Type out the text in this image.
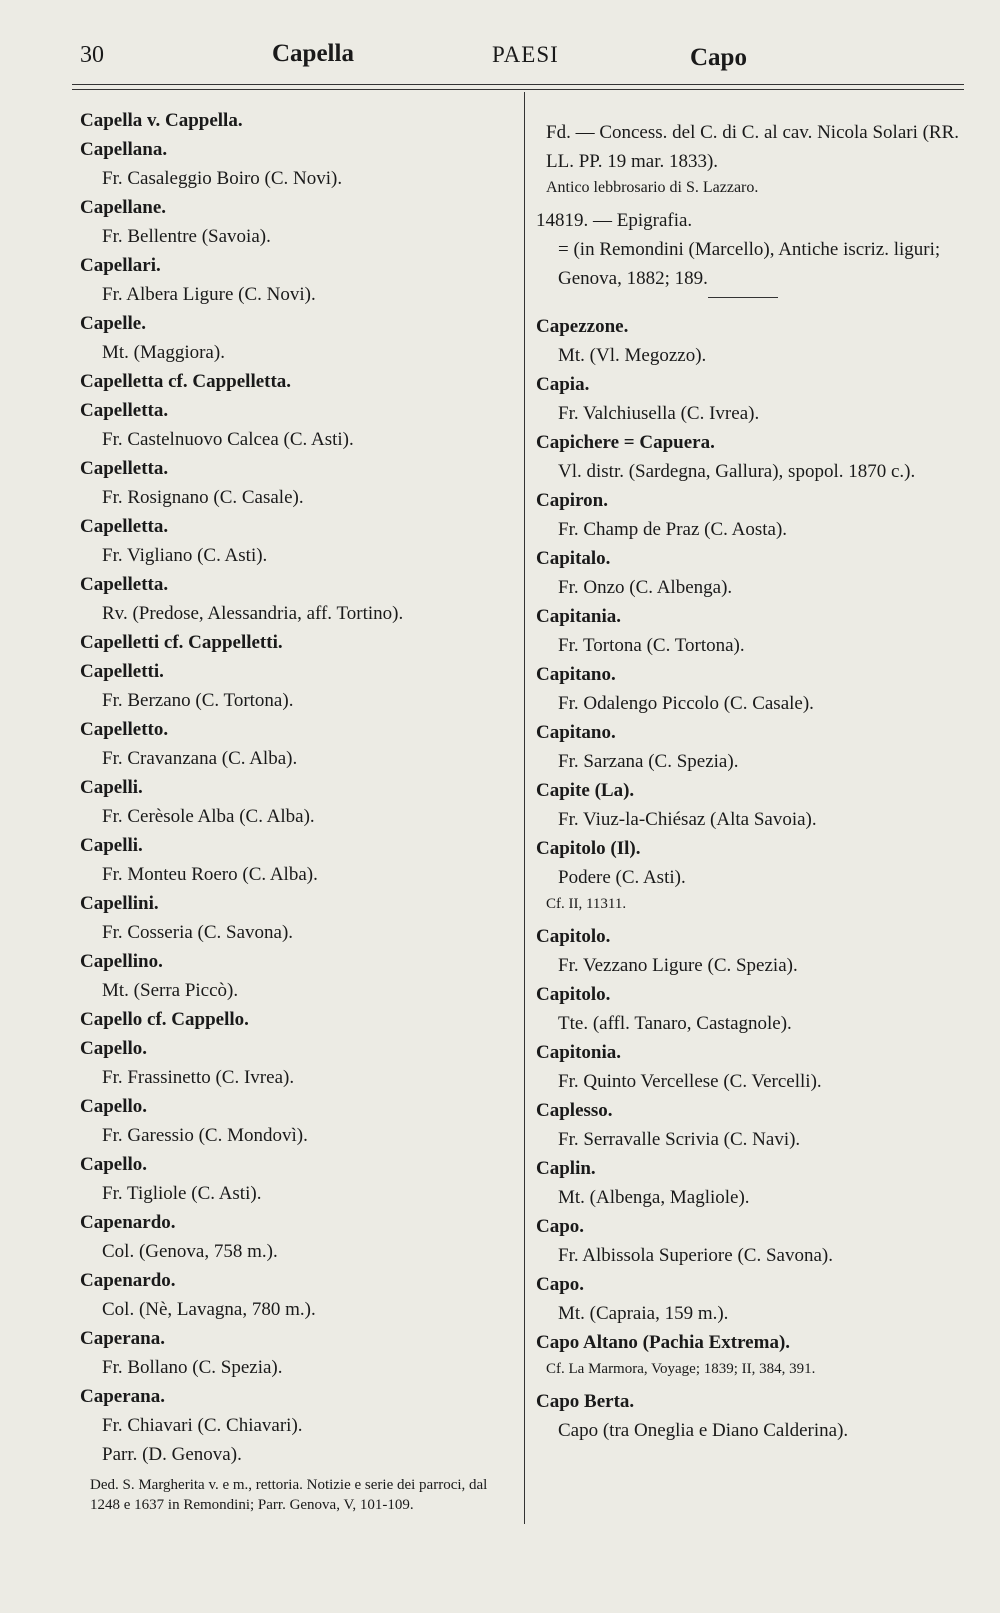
30	Capella	PAESI	Capo
Capella v. Cappella.
Capellana.
Fr. Casaleggio Boiro (C. Novi).
Capellane.
Fr. Bellentre (Savoia).
Capellari.
Fr. Albera Ligure (C. Novi).
Capelle.
Mt. (Maggiora).
Capelletta cf. Cappelletta.
Capelletta.
Fr. Castelnuovo Calcea (C. Asti).
Capelletta.
Fr. Rosignano (C. Casale).
Capelletta.
Fr. Vigliano (C. Asti).
Capelletta.
Rv. (Predose, Alessandria, aff. Tortino).
Capelletti cf. Cappelletti.
Capelletti.
Fr. Berzano (C. Tortona).
Capelletto.
Fr. Cravanzana (C. Alba).
Capelli.
Fr. Cerèsole Alba (C. Alba).
Capelli.
Fr. Monteu Roero (C. Alba).
Capellini.
Fr. Cosseria (C. Savona).
Capellino.
Mt. (Serra Piccò).
Capello cf. Cappello.
Capello.
Fr. Frassinetto (C. Ivrea).
Capello.
Fr. Garessio (C. Mondovì).
Capello.
Fr. Tigliole (C. Asti).
Capenardo.
Col. (Genova, 758 m.).
Capenardo.
Col. (Nè, Lavagna, 780 m.).
Caperana.
Fr. Bollano (C. Spezia).
Caperana.
Fr. Chiavari (C. Chiavari).
Parr. (D. Genova).
Ded. S. Margherita v. e m., rettoria. Notizie e serie dei parroci, dal 1248 e 1637 in Remondini; Parr. Genova, V, 101-109.
Fd. — Concess. del C. di C. al cav. Nicola Solari (RR. LL. PP. 19 mar. 1833).
Antico lebbrosario di S. Lazzaro.
14819. — Epigrafia.
= (in Remondini (Marcello), Antiche iscriz. liguri; Genova, 1882; 189.
Capezzone.
Mt. (Vl. Megozzo).
Capia.
Fr. Valchiusella (C. Ivrea).
Capichere = Capuera.
Vl. distr. (Sardegna, Gallura), spopol. 1870 c.).
Capiron.
Fr. Champ de Praz (C. Aosta).
Capitalo.
Fr. Onzo (C. Albenga).
Capitania.
Fr. Tortona (C. Tortona).
Capitano.
Fr. Odalengo Piccolo (C. Casale).
Capitano.
Fr. Sarzana (C. Spezia).
Capite (La).
Fr. Viuz-la-Chiésaz (Alta Savoia).
Capitolo (Il).
Podere (C. Asti).
Cf. II, 11311.
Capitolo.
Fr. Vezzano Ligure (C. Spezia).
Capitolo.
Tte. (affl. Tanaro, Castagnole).
Capitonia.
Fr. Quinto Vercellese (C. Vercelli).
Caplesso.
Fr. Serravalle Scrivia (C. Navi).
Caplin.
Mt. (Albenga, Magliole).
Capo.
Fr. Albissola Superiore (C. Savona).
Capo.
Mt. (Capraia, 159 m.).
Capo Altano (Pachia Extrema).
Cf. La Marmora, Voyage; 1839; II, 384, 391.
Capo Berta.
Capo (tra Oneglia e Diano Calderina).
